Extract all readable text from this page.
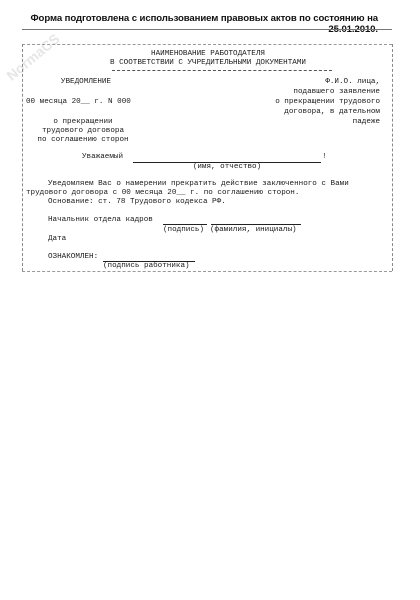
NormaCS
Форма подготовлена с использованием правовых актов по состоянию на 25.01.2010.
НАИМЕНОВАНИЕ РАБОТОДАТЕЛЯ
В СООТВЕТСТВИИ С УЧРЕДИТЕЛЬНЫМИ ДОКУМЕНТАМИ
УВЕДОМЛЕНИЕ
00 месяца 20__ г. N 000
о прекращении
трудового договора
по соглашению сторон
Ф.И.О. лица,
подавшего заявление
о прекращении трудового
договора, в дательном
падеже
Уважаемый	!
(имя, отчество)
Уведомляем Вас о намерении прекратить действие заключенного с Вами
трудового договора с 00 месяца 20__ г. по соглашению сторон.
Основание: ст. 78 Трудового кодекса РФ.
Начальник отдела кадров
(подпись) (фамилия, инициалы)
Дата
ОЗНАКОМЛЕН:
(подпись работника)
